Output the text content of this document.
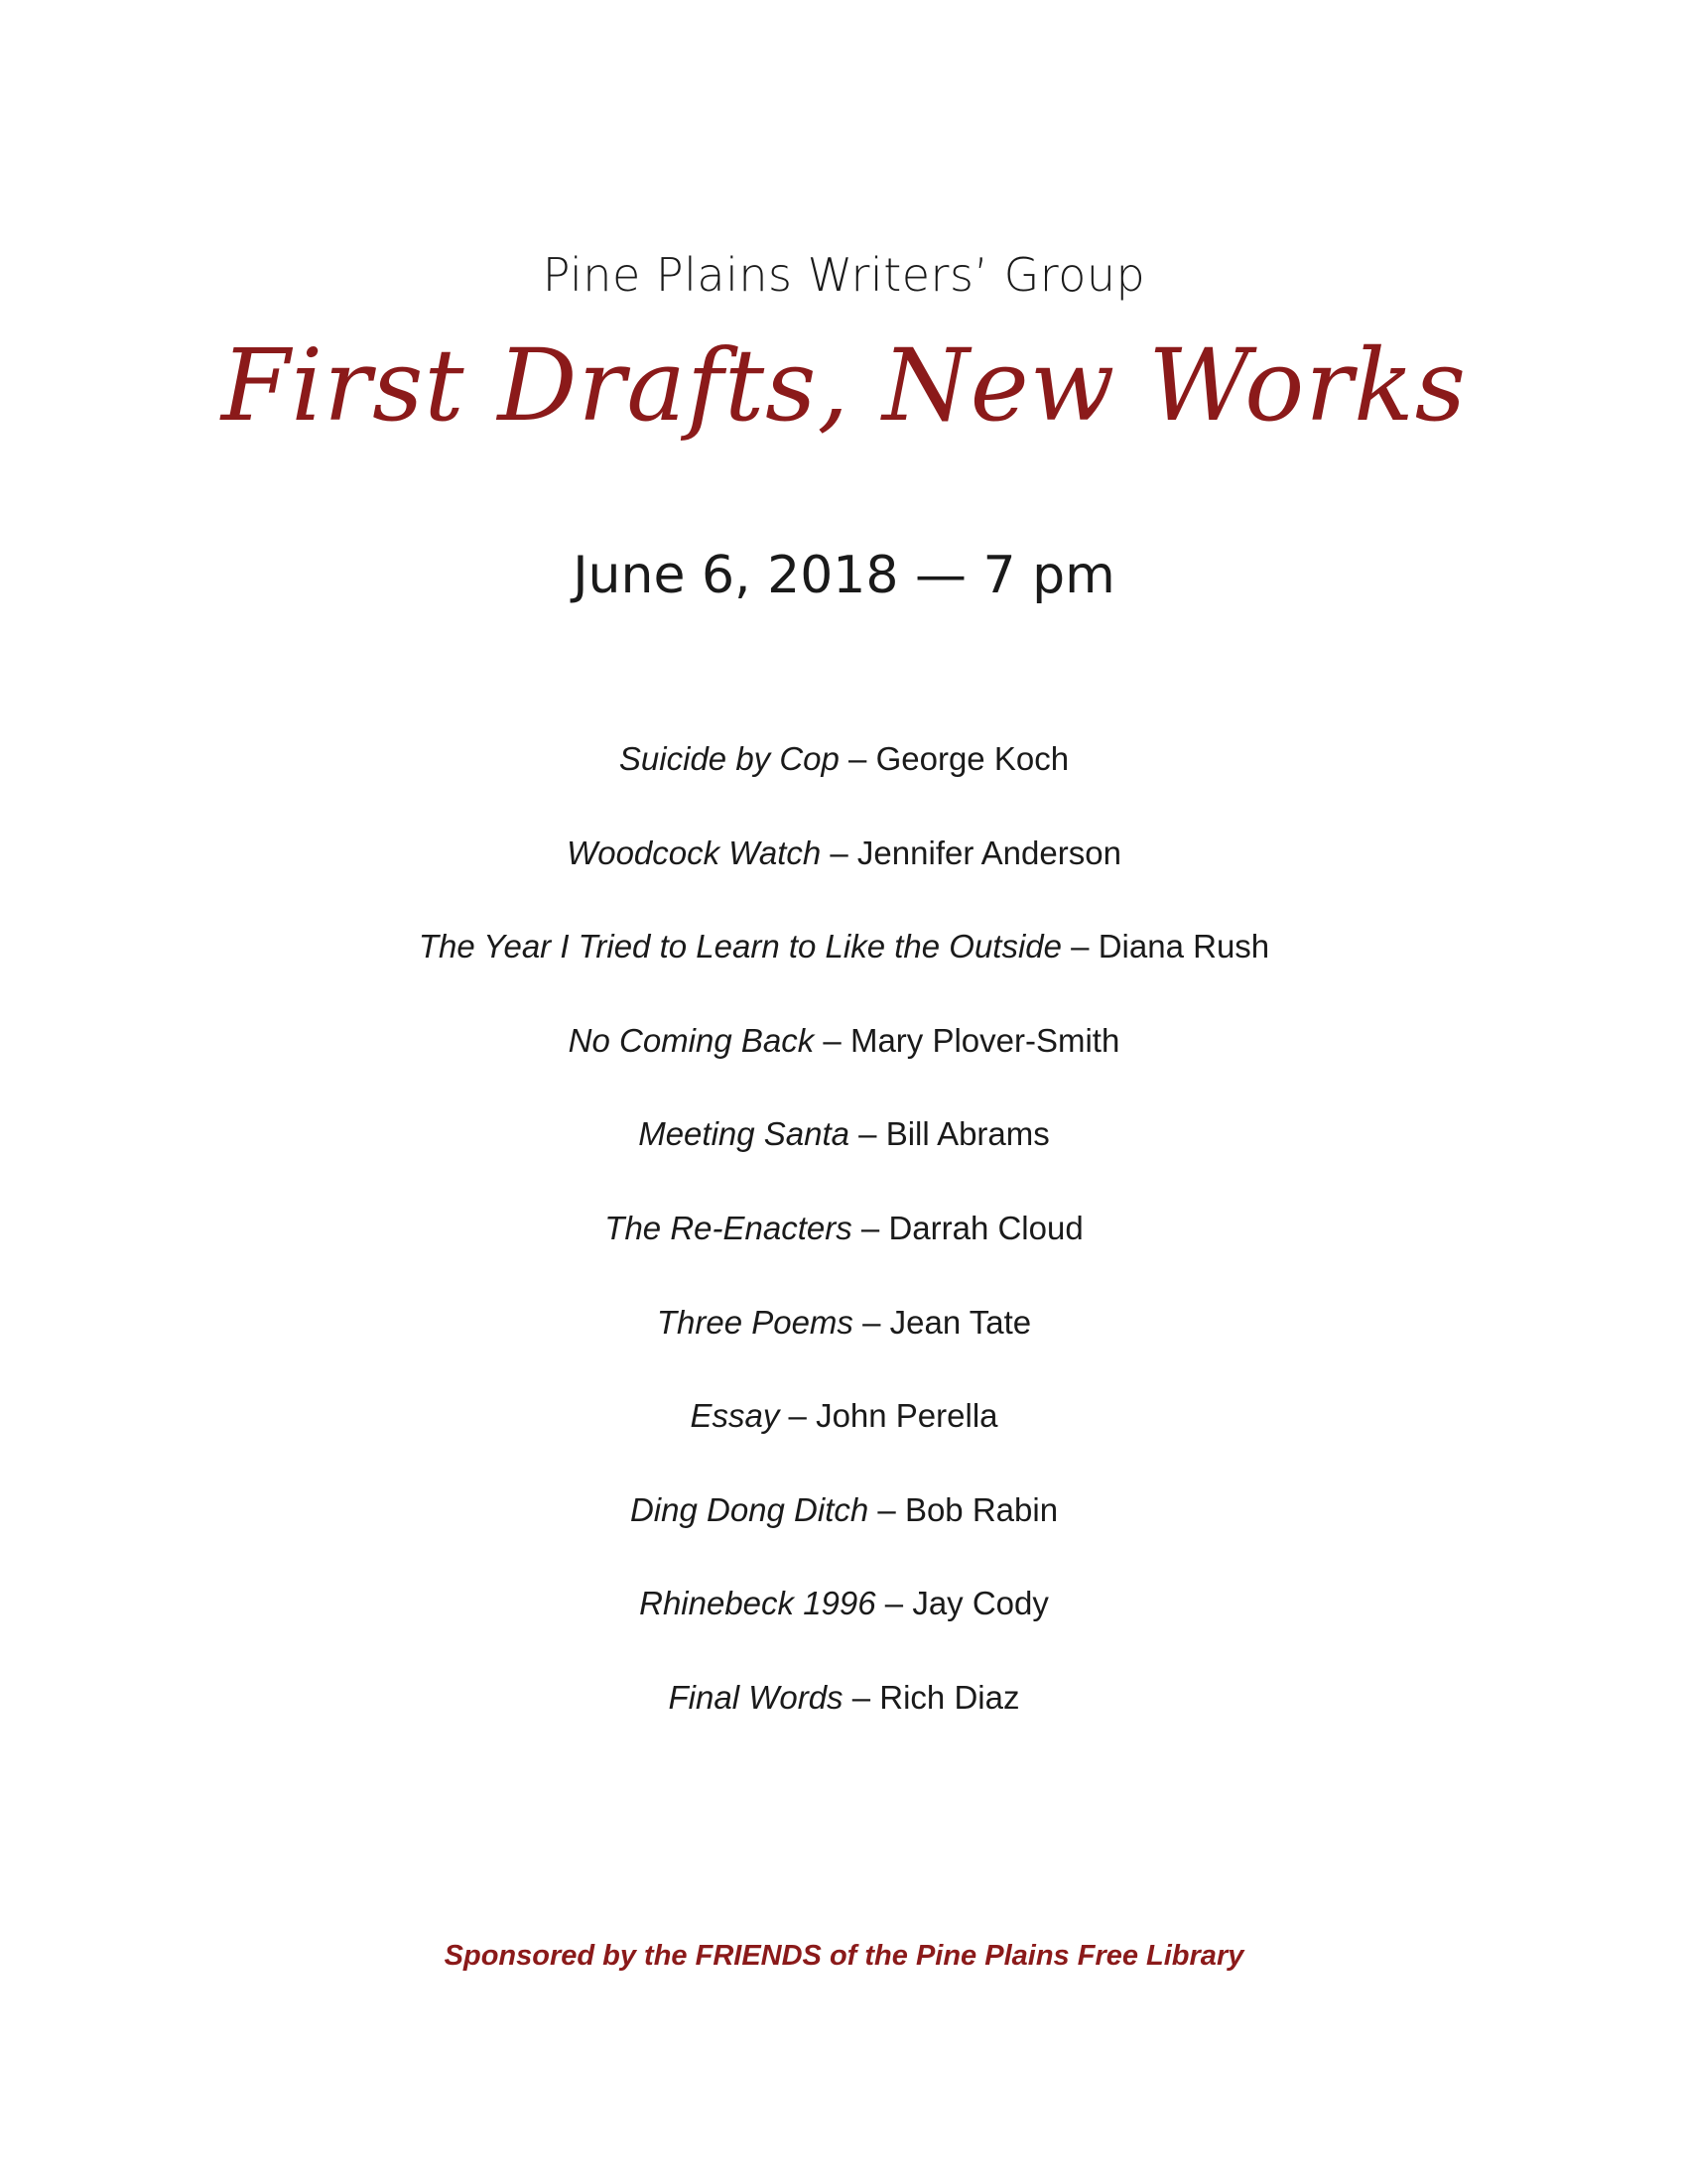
Pine Plains Writers’ Group
First Drafts, New Works
June 6, 2018 — 7 pm
Suicide by Cop – George Koch
Woodcock Watch – Jennifer Anderson
The Year I Tried to Learn to Like the Outside – Diana Rush
No Coming Back – Mary Plover-Smith
Meeting Santa – Bill Abrams
The Re-Enacters – Darrah Cloud
Three Poems – Jean Tate
Essay – John Perella
Ding Dong Ditch – Bob Rabin
Rhinebeck 1996 – Jay Cody
Final Words – Rich Diaz
Sponsored by the FRIENDS of the Pine Plains Free Library
